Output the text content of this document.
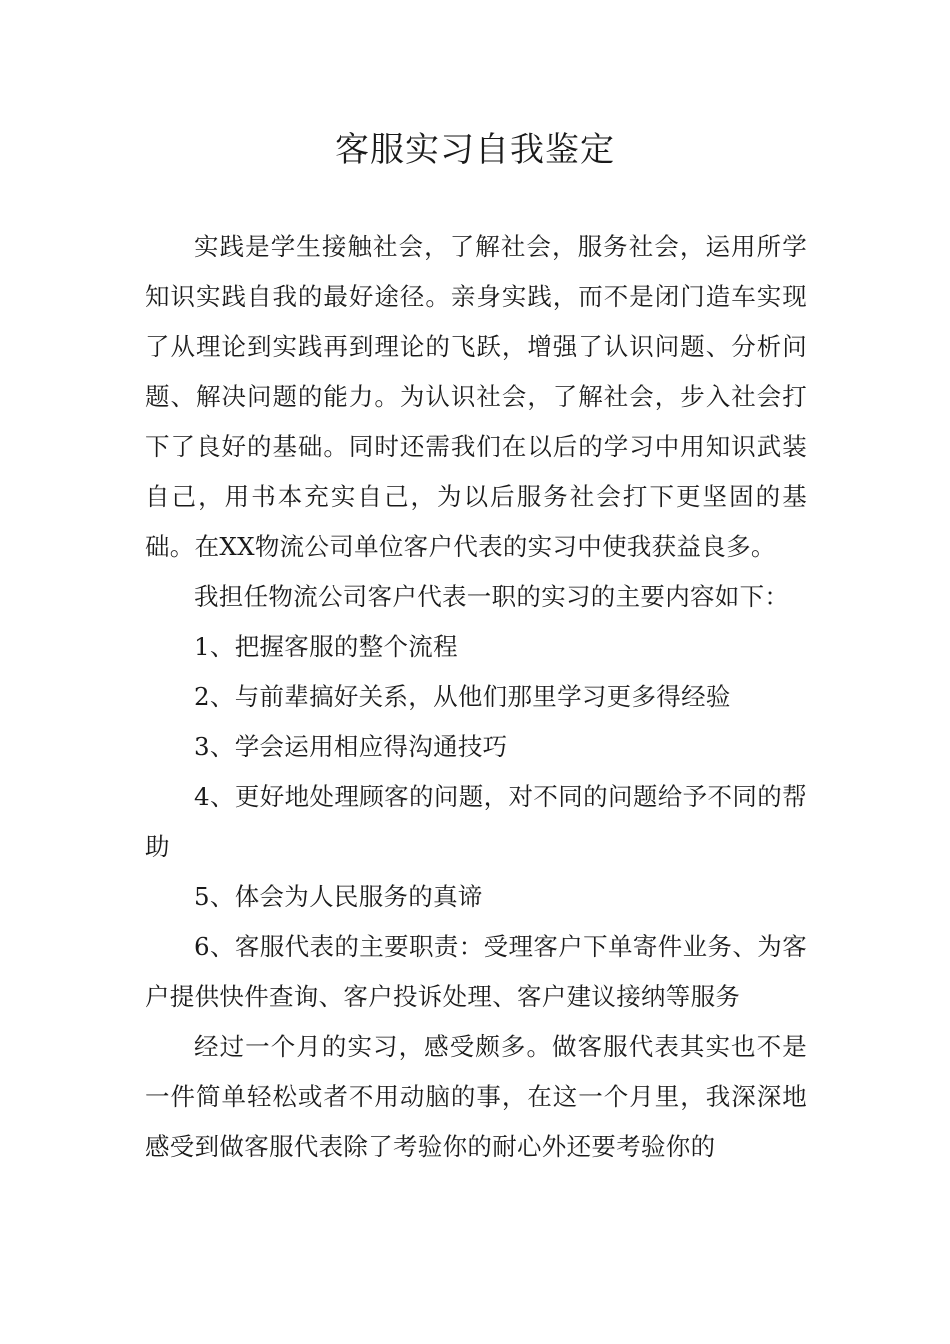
客服实习自我鉴定

实践是学生接触社会，了解社会，服务社会，运用所学知识实践自我的最好途径。亲身实践，而不是闭门造车实现了从理论到实践再到理论的飞跃，增强了认识问题、分析问题、解决问题的能力。为认识社会，了解社会，步入社会打下了良好的基础。同时还需我们在以后的学习中用知识武装自己，用书本充实自己，为以后服务社会打下更坚固的基础。在XX物流公司单位客户代表的实习中使我获益良多。

我担任物流公司客户代表一职的实习的主要内容如下：

1、把握客服的整个流程

2、与前辈搞好关系，从他们那里学习更多得经验

3、学会运用相应得沟通技巧

4、更好地处理顾客的问题，对不同的问题给予不同的帮助

5、体会为人民服务的真谛

6、客服代表的主要职责：受理客户下单寄件业务、为客户提供快件查询、客户投诉处理、客户建议接纳等服务

经过一个月的实习，感受颇多。做客服代表其实也不是一件简单轻松或者不用动脑的事，在这一个月里，我深深地感受到做客服代表除了考验你的耐心外还要考验你的
